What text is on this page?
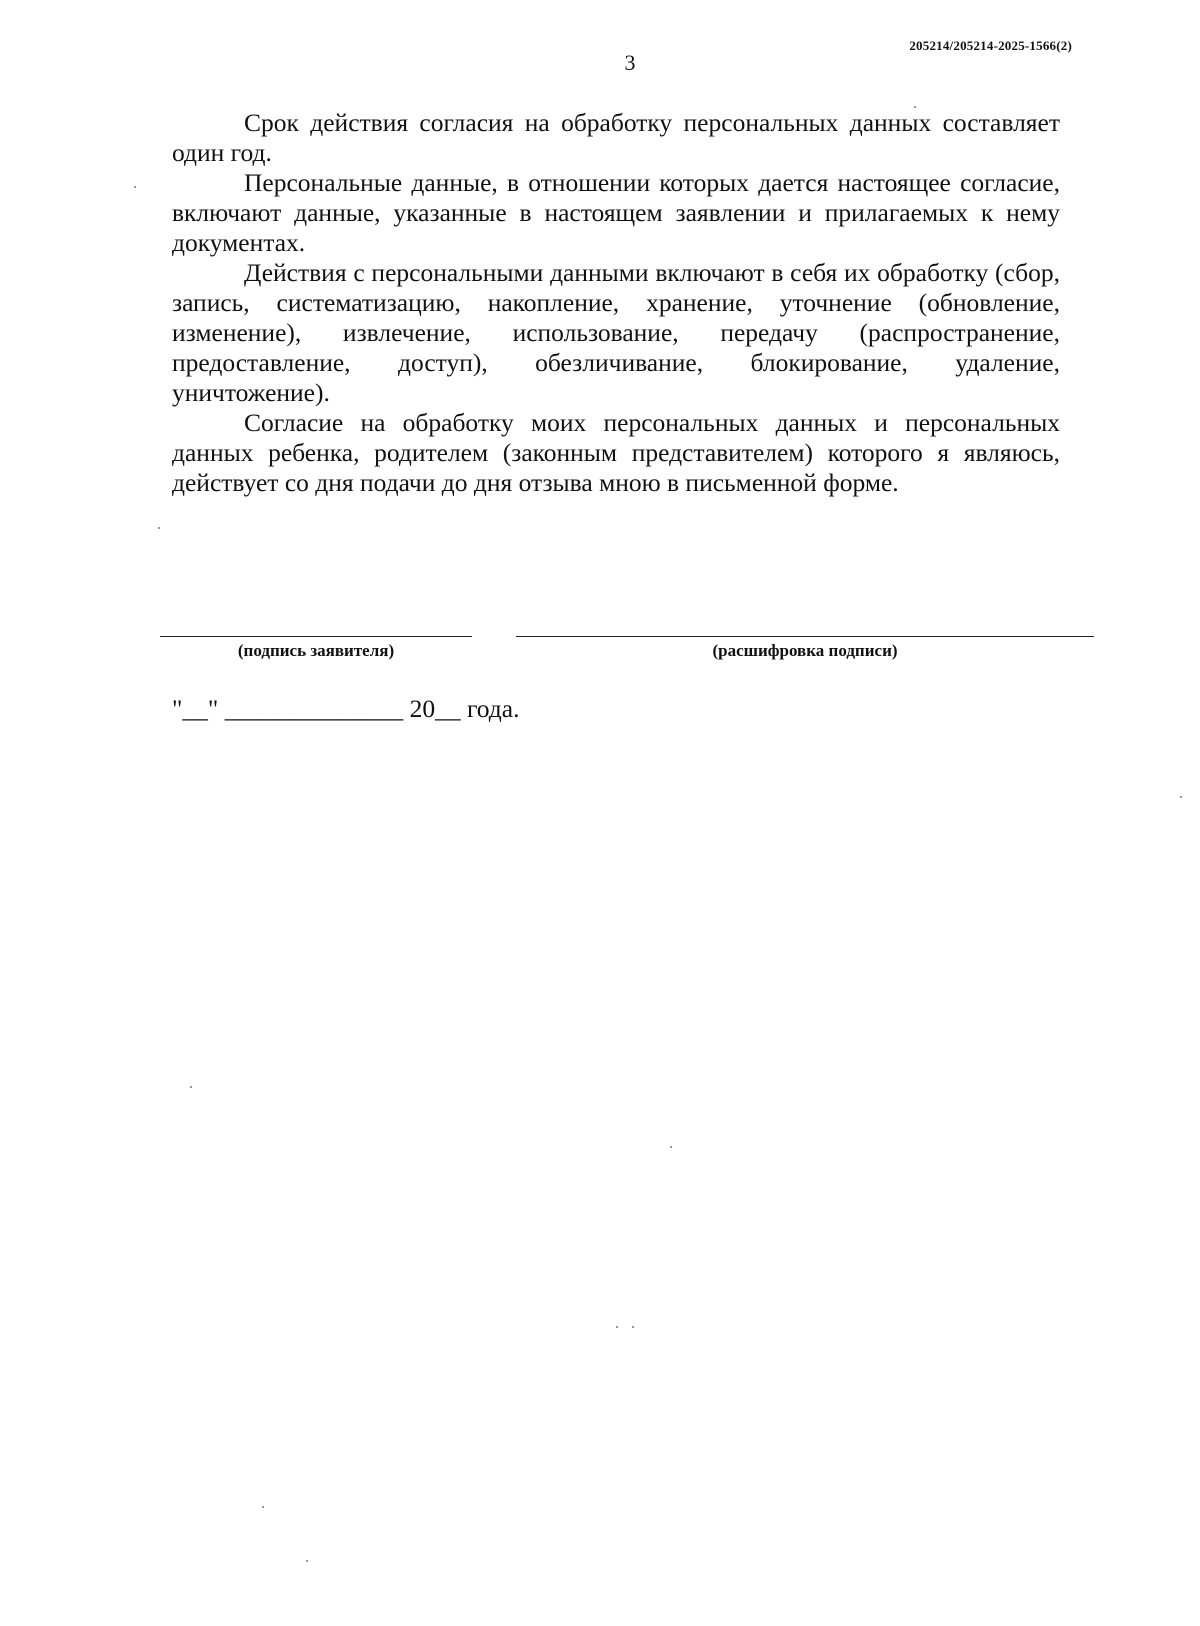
205214/205214-2025-1566(2)
3

Срок действия согласия на обработку персональных данных составляет один год.

Персональные данные, в отношении которых дается настоящее согласие, включают данные, указанные в настоящем заявлении и прилагаемых к нему документах.

Действия с персональными данными включают в себя их обработку (сбор, запись, систематизацию, накопление, хранение, уточнение (обновление, изменение), извлечение, использование, передачу (распространение, предоставление, доступ), обезличивание, блокирование, удаление, уничтожение).

Согласие на обработку моих персональных данных и персональных данных ребенка, родителем (законным представителем) которого я являюсь, действует со дня подачи до дня отзыва мною в письменной форме.

(подпись заявителя)	(расшифровка подписи)
"__" ______________ 20__ года.
